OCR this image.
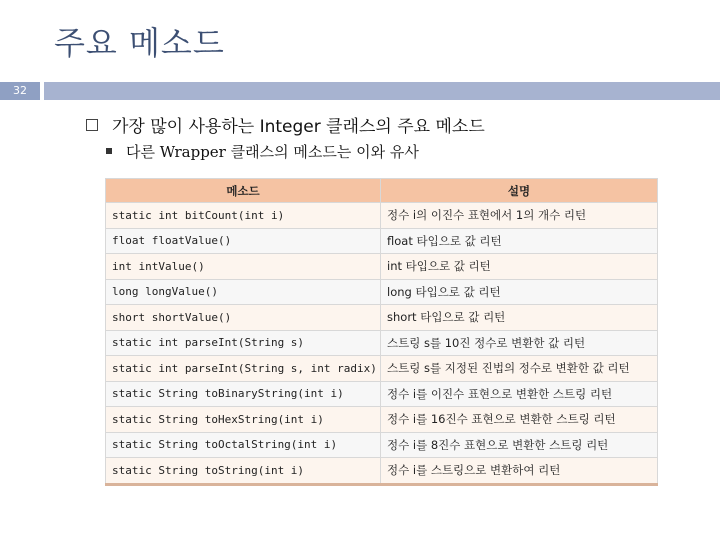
주요 메소드
32
가장 많이 사용하는 Integer 클래스의 주요 메소드
다른 Wrapper 클래스의 메소드는 이와 유사
메소드	설명
static int bitCount(int i)	정수 i의 이진수 표현에서 1의 개수 리턴
float floatValue()	float 타입으로 값 리턴
int intValue()	int 타입으로 값 리턴
long longValue()	long 타입으로 값 리턴
short shortValue()	short 타입으로 값 리턴
static int parseInt(String s)	스트링 s를 10진 정수로 변환한 값 리턴
static int parseInt(String s, int radix)	스트링 s를 지정된 진법의 정수로 변환한 값 리턴
static String toBinaryString(int i)	정수 i를 이진수 표현으로 변환한 스트링 리턴
static String toHexString(int i)	정수 i를 16진수 표현으로 변환한 스트링 리턴
static String toOctalString(int i)	정수 i를 8진수 표현으로 변환한 스트링 리턴
static String toString(int i)	정수 i를 스트링으로 변환하여 리턴
